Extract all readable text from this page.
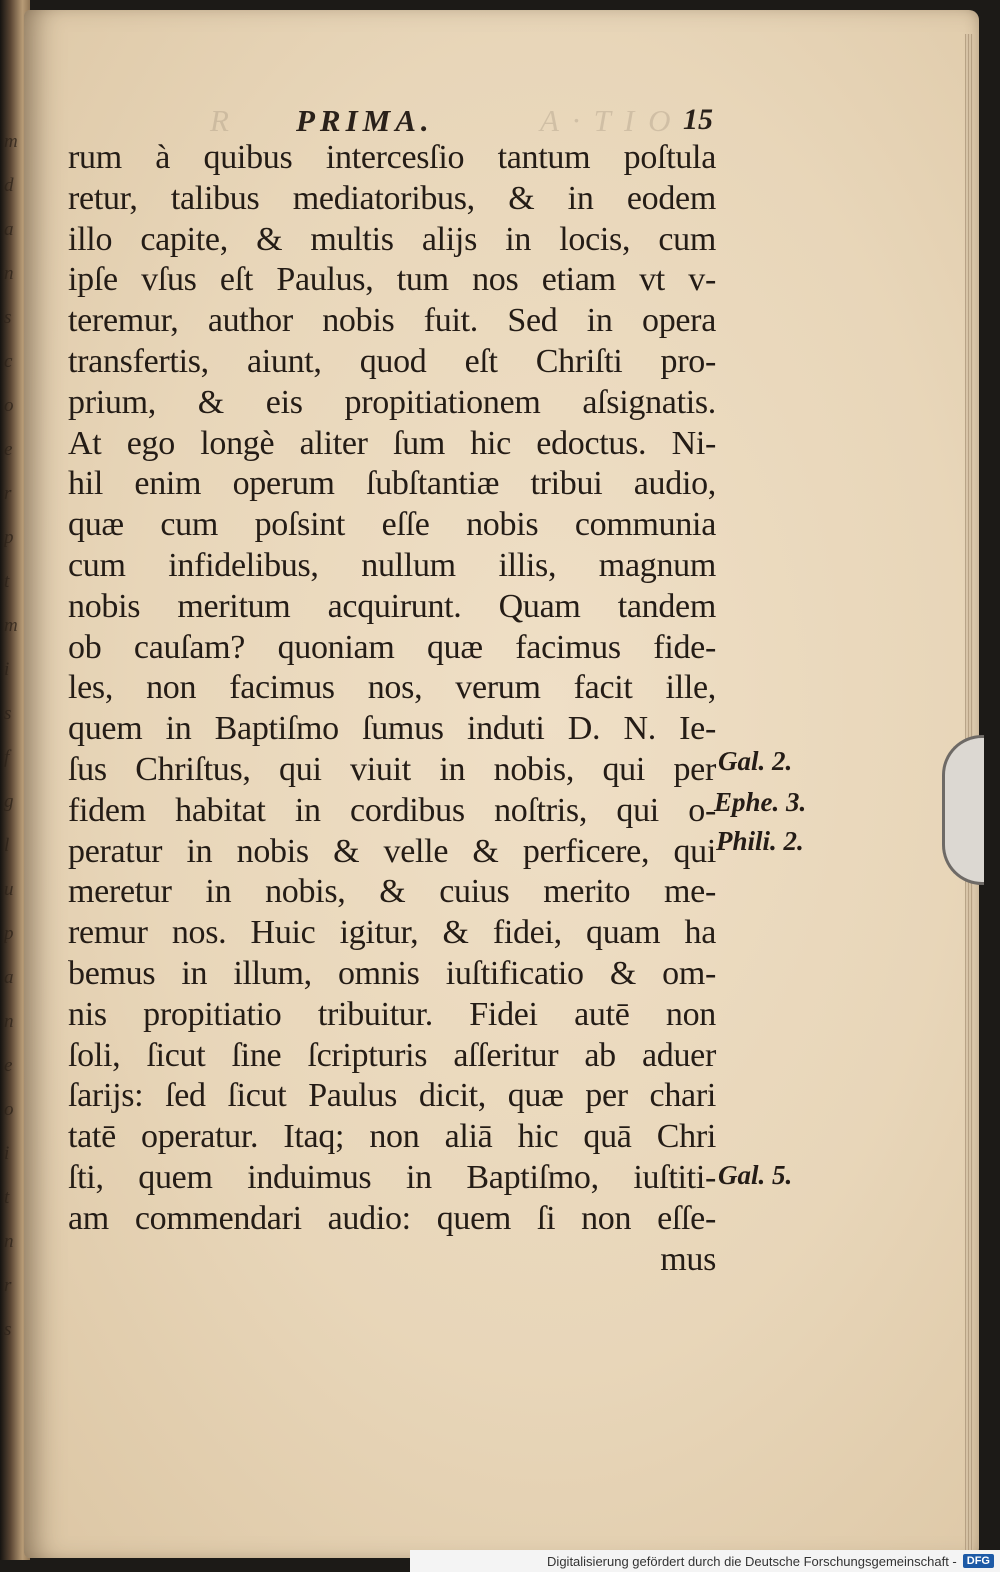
m
d
a
n
s
c
o
e
r
p
t
m
i
s
f
g
l
u
p
a
n
e
o
i
t
n
r
s
R	A · T I O
PRIMA.	15
rum à quibus intercesſio tantum poſtula
retur, talibus mediatoribus, & in eodem
illo capite, & multis alijs in locis, cum
ipſe vſus eſt Paulus, tum nos etiam vt v-
teremur, author nobis fuit. Sed in opera
transfertis, aiunt, quod eſt Chriſti pro-
prium, & eis propitiationem aſsignatis.
At ego longè aliter ſum hic edoctus. Ni-
hil enim operum ſubſtantiæ tribui audio,
quæ cum poſsint eſſe nobis communia
cum infidelibus, nullum illis, magnum
nobis meritum acquirunt. Quam tandem
ob cauſam? quoniam quæ facimus fide-
les, non facimus nos, verum facit ille,
quem in Baptiſmo ſumus induti D. N. Ie-
ſus Chriſtus, qui viuit in nobis, qui per
fidem habitat in cordibus noſtris, qui o-
peratur in nobis & velle & perficere, qui
meretur in nobis, & cuius merito me-
remur nos. Huic igitur, & fidei, quam ha
bemus in illum, omnis iuſtificatio & om-
nis propitiatio tribuitur. Fidei autē non
ſoli, ſicut ſine ſcripturis aſſeritur ab aduer
ſarijs: ſed ſicut Paulus dicit, quæ per chari
tatē operatur. Itaq; non aliā hic quā Chri
ſti, quem induimus in Baptiſmo, iuſtiti-
am commendari audio: quem ſi non eſſe-
mus
Gal. 2.
Ephe. 3.
Phili. 2.
Gal. 5.
Digitalisierung gefördert durch die Deutsche Forschungsgemeinschaft - DFG
